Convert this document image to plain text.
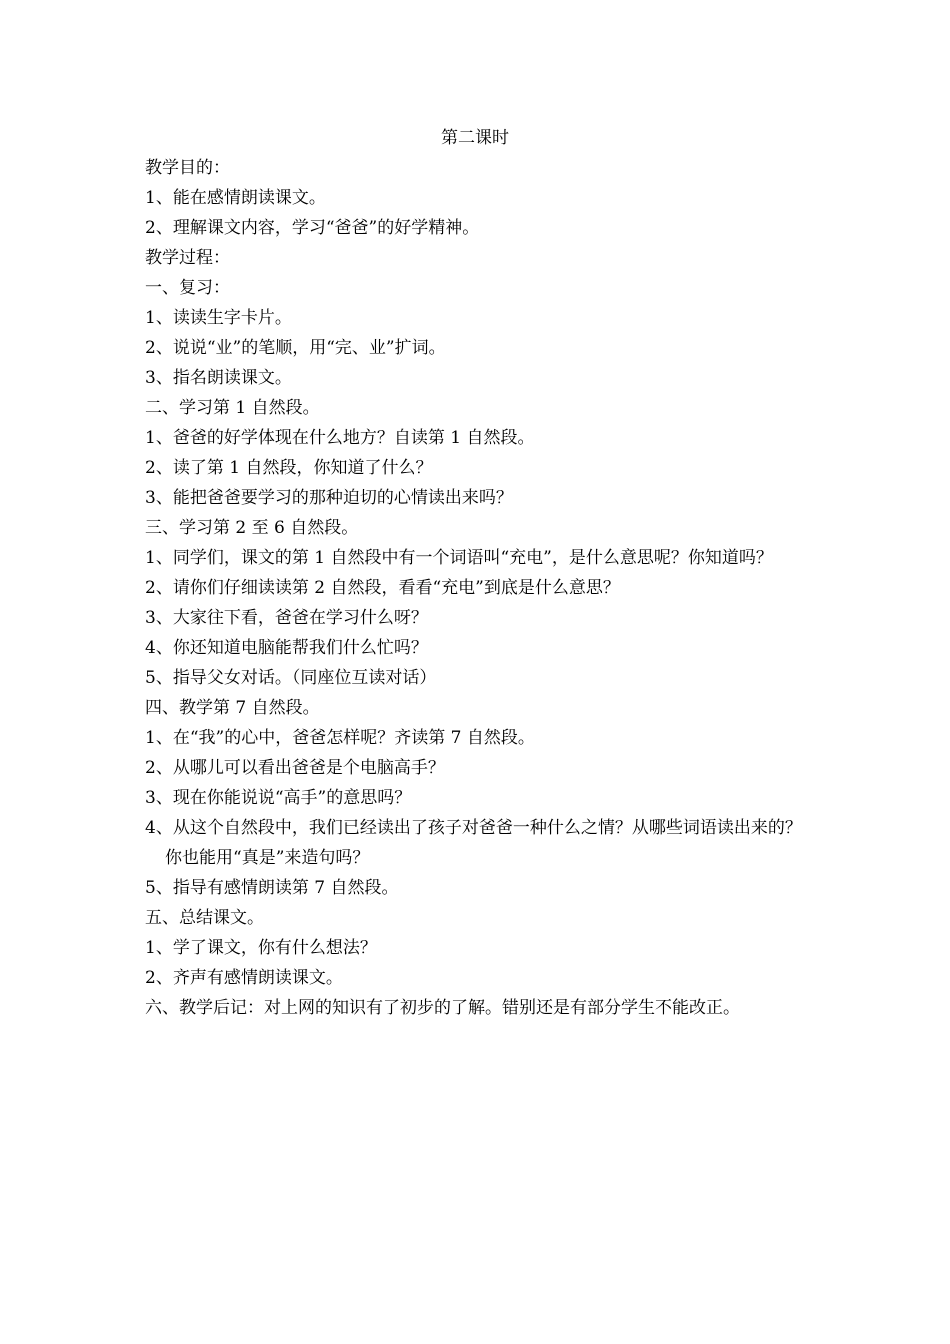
第二课时

教学目的：

1、能在感情朗读课文。

2、理解课文内容，学习“爸爸”的好学精神。

教学过程：

一、复习：

1、读读生字卡片。

2、说说“业”的笔顺，用“完、业”扩词。

3、指名朗读课文。

二、学习第 1 自然段。

1、爸爸的好学体现在什么地方？自读第 1 自然段。

2、读了第 1 自然段，你知道了什么？

3、能把爸爸要学习的那种迫切的心情读出来吗？

三、学习第 2 至 6 自然段。

1、同学们，课文的第 1 自然段中有一个词语叫“充电”，是什么意思呢？你知道吗？

2、请你们仔细读读第 2 自然段，看看“充电”到底是什么意思？

3、大家往下看，爸爸在学习什么呀？

4、你还知道电脑能帮我们什么忙吗？

5、指导父女对话。（同座位互读对话）

四、教学第 7 自然段。

1、在“我”的心中，爸爸怎样呢？齐读第 7 自然段。

2、从哪儿可以看出爸爸是个电脑高手？

3、现在你能说说“高手”的意思吗？

4、从这个自然段中，我们已经读出了孩子对爸爸一种什么之情？从哪些词语读出来的？你也能用“真是”来造句吗？

5、指导有感情朗读第 7 自然段。

五、总结课文。

1、学了课文，你有什么想法？

2、齐声有感情朗读课文。

六、教学后记：对上网的知识有了初步的了解。错别还是有部分学生不能改正。
